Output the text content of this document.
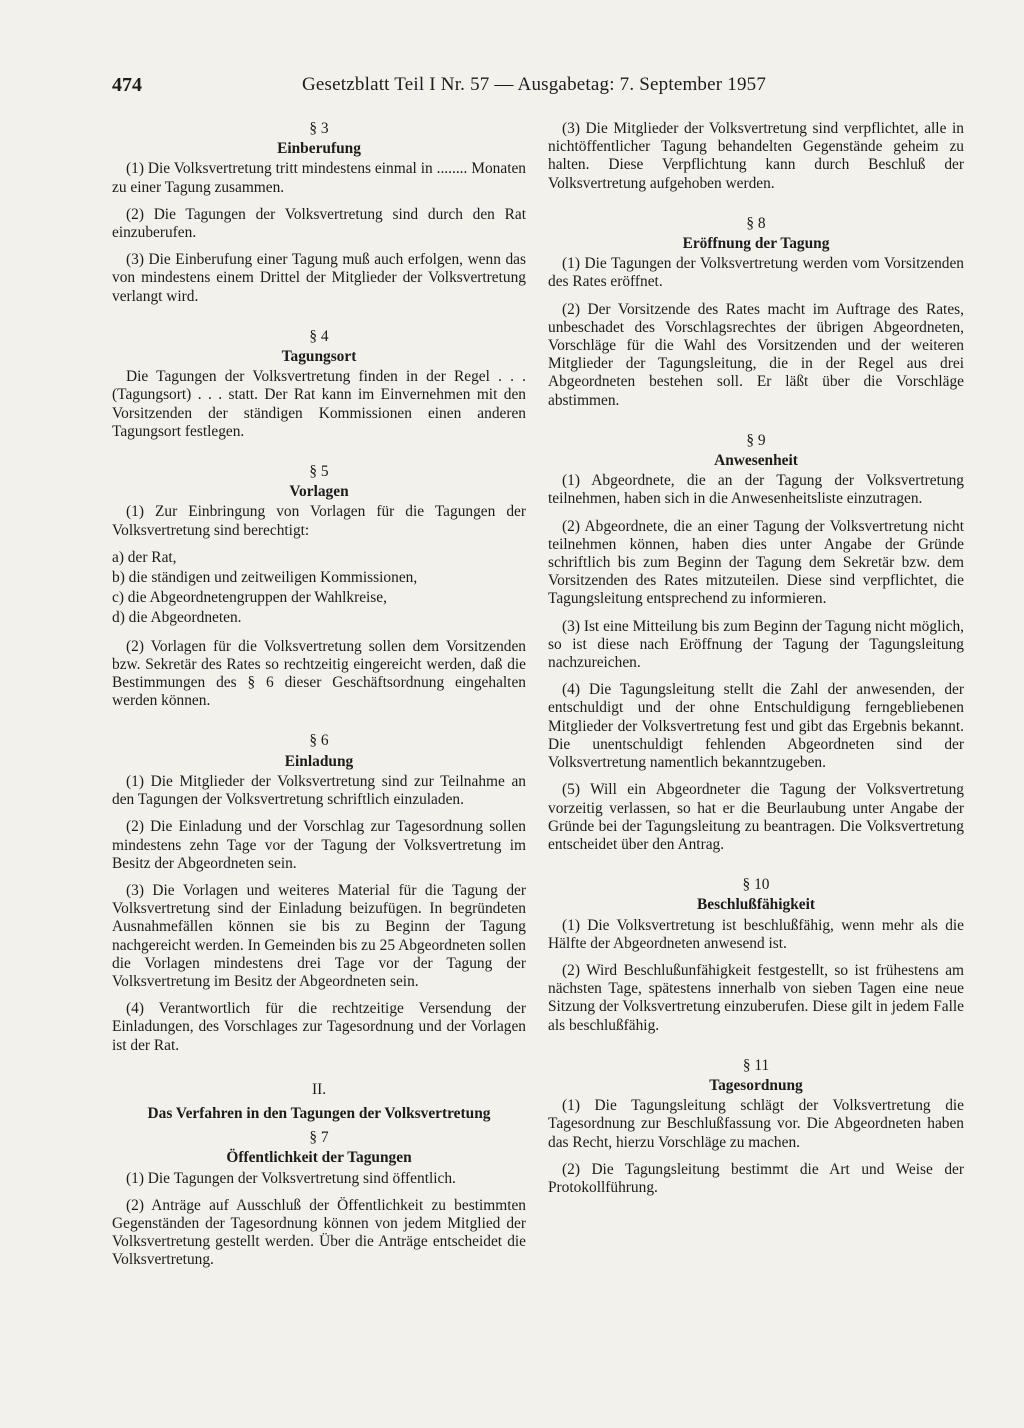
474	Gesetzblatt Teil I Nr. 57 — Ausgabetag: 7. September 1957
§ 3
Einberufung

(1) Die Volksvertretung tritt mindestens einmal in ........ Monaten zu einer Tagung zusammen.

(2) Die Tagungen der Volksvertretung sind durch den Rat einzuberufen.

(3) Die Einberufung einer Tagung muß auch erfolgen, wenn das von mindestens einem Drittel der Mitglieder der Volksvertretung verlangt wird.

§ 4
Tagungsort

Die Tagungen der Volksvertretung finden in der Regel . . . (Tagungsort) . . . statt. Der Rat kann im Einvernehmen mit den Vorsitzenden der ständigen Kommissionen einen anderen Tagungsort festlegen.

§ 5
Vorlagen

(1) Zur Einbringung von Vorlagen für die Tagungen der Volksvertretung sind berechtigt:

a) der Rat,
b) die ständigen und zeitweiligen Kommissionen,
c) die Abgeordnetengruppen der Wahlkreise,
d) die Abgeordneten.

(2) Vorlagen für die Volksvertretung sollen dem Vorsitzenden bzw. Sekretär des Rates so rechtzeitig eingereicht werden, daß die Bestimmungen des § 6 dieser Geschäftsordnung eingehalten werden können.

§ 6
Einladung

(1) Die Mitglieder der Volksvertretung sind zur Teilnahme an den Tagungen der Volksvertretung schriftlich einzuladen.

(2) Die Einladung und der Vorschlag zur Tagesordnung sollen mindestens zehn Tage vor der Tagung der Volksvertretung im Besitz der Abgeordneten sein.

(3) Die Vorlagen und weiteres Material für die Tagung der Volksvertretung sind der Einladung beizufügen. In begründeten Ausnahmefällen können sie bis zu Beginn der Tagung nachgereicht werden. In Gemeinden bis zu 25 Abgeordneten sollen die Vorlagen mindestens drei Tage vor der Tagung der Volksvertretung im Besitz der Abgeordneten sein.

(4) Verantwortlich für die rechtzeitige Versendung der Einladungen, des Vorschlages zur Tagesordnung und der Vorlagen ist der Rat.

II.
Das Verfahren in den Tagungen der Volksvertretung
§ 7
Öffentlichkeit der Tagungen

(1) Die Tagungen der Volksvertretung sind öffentlich.

(2) Anträge auf Ausschluß der Öffentlichkeit zu bestimmten Gegenständen der Tagesordnung können von jedem Mitglied der Volksvertretung gestellt werden. Über die Anträge entscheidet die Volksvertretung.

(3) Die Mitglieder der Volksvertretung sind verpflichtet, alle in nichtöffentlicher Tagung behandelten Gegenstände geheim zu halten. Diese Verpflichtung kann durch Beschluß der Volksvertretung aufgehoben werden.

§ 8
Eröffnung der Tagung

(1) Die Tagungen der Volksvertretung werden vom Vorsitzenden des Rates eröffnet.

(2) Der Vorsitzende des Rates macht im Auftrage des Rates, unbeschadet des Vorschlagsrechtes der übrigen Abgeordneten, Vorschläge für die Wahl des Vorsitzenden und der weiteren Mitglieder der Tagungsleitung, die in der Regel aus drei Abgeordneten bestehen soll. Er läßt über die Vorschläge abstimmen.

§ 9
Anwesenheit

(1) Abgeordnete, die an der Tagung der Volksvertretung teilnehmen, haben sich in die Anwesenheitsliste einzutragen.

(2) Abgeordnete, die an einer Tagung der Volksvertretung nicht teilnehmen können, haben dies unter Angabe der Gründe schriftlich bis zum Beginn der Tagung dem Sekretär bzw. dem Vorsitzenden des Rates mitzuteilen. Diese sind verpflichtet, die Tagungsleitung entsprechend zu informieren.

(3) Ist eine Mitteilung bis zum Beginn der Tagung nicht möglich, so ist diese nach Eröffnung der Tagung der Tagungsleitung nachzureichen.

(4) Die Tagungsleitung stellt die Zahl der anwesenden, der entschuldigt und der ohne Entschuldigung ferngebliebenen Mitglieder der Volksvertretung fest und gibt das Ergebnis bekannt. Die unentschuldigt fehlenden Abgeordneten sind der Volksvertretung namentlich bekanntzugeben.

(5) Will ein Abgeordneter die Tagung der Volksvertretung vorzeitig verlassen, so hat er die Beurlaubung unter Angabe der Gründe bei der Tagungsleitung zu beantragen. Die Volksvertretung entscheidet über den Antrag.

§ 10
Beschlußfähigkeit

(1) Die Volksvertretung ist beschlußfähig, wenn mehr als die Hälfte der Abgeordneten anwesend ist.

(2) Wird Beschlußunfähigkeit festgestellt, so ist frühestens am nächsten Tage, spätestens innerhalb von sieben Tagen eine neue Sitzung der Volksvertretung einzuberufen. Diese gilt in jedem Falle als beschlußfähig.

§ 11
Tagesordnung

(1) Die Tagungsleitung schlägt der Volksvertretung die Tagesordnung zur Beschlußfassung vor. Die Abgeordneten haben das Recht, hierzu Vorschläge zu machen.

(2) Die Tagungsleitung bestimmt die Art und Weise der Protokollführung.
